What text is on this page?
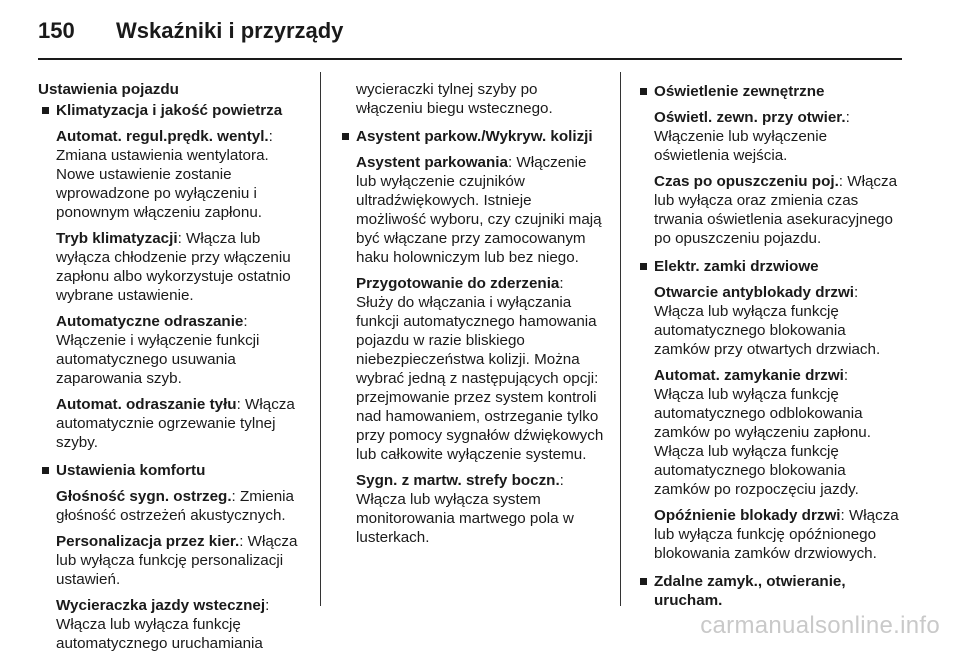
150	Wskaźniki i przyrządy
Ustawienia pojazdu
Klimatyzacja i jakość powietrza
Automat. regul.prędk. wentyl.: Zmiana ustawienia wentylatora. Nowe ustawienie zostanie wprowadzone po wyłączeniu i ponownym włączeniu zapłonu.
Tryb klimatyzacji: Włącza lub wyłącza chłodzenie przy włączeniu zapłonu albo wykorzystuje ostatnio wybrane ustawienie.
Automatyczne odraszanie: Włączenie i wyłączenie funkcji automatycznego usuwania zaparowania szyb.
Automat. odraszanie tyłu: Włącza automatycznie ogrzewanie tylnej szyby.
Ustawienia komfortu
Głośność sygn. ostrzeg.: Zmienia głośność ostrzeżeń akustycznych.
Personalizacja przez kier.: Włącza lub wyłącza funkcję personalizacji ustawień.
Wycieraczka jazdy wstecznej: Włącza lub wyłącza funkcję automatycznego uruchamiania
wycieraczki tylnej szyby po włączeniu biegu wstecznego.
Asystent parkow./Wykryw. kolizji
Asystent parkowania: Włączenie lub wyłączenie czujników ultradźwiękowych. Istnieje możliwość wyboru, czy czujniki mają być włączane przy zamocowanym haku holowniczym lub bez niego.
Przygotowanie do zderzenia: Służy do włączania i wyłączania funkcji automatycznego hamowania pojazdu w razie bliskiego niebezpieczeństwa kolizji. Można wybrać jedną z następujących opcji: przejmowanie przez system kontroli nad hamowaniem, ostrzeganie tylko przy pomocy sygnałów dźwiękowych lub całkowite wyłączenie systemu.
Sygn. z martw. strefy boczn.: Włącza lub wyłącza system monitorowania martwego pola w lusterkach.
Oświetlenie zewnętrzne
Oświetl. zewn. przy otwier.: Włączenie lub wyłączenie oświetlenia wejścia.
Czas po opuszczeniu poj.: Włącza lub wyłącza oraz zmienia czas trwania oświetlenia asekuracyjnego po opuszczeniu pojazdu.
Elektr. zamki drzwiowe
Otwarcie antyblokady drzwi: Włącza lub wyłącza funkcję automatycznego blokowania zamków przy otwartych drzwiach.
Automat. zamykanie drzwi: Włącza lub wyłącza funkcję automatycznego odblokowania zamków po wyłączeniu zapłonu. Włącza lub wyłącza funkcję automatycznego blokowania zamków po rozpoczęciu jazdy.
Opóźnienie blokady drzwi: Włącza lub wyłącza funkcję opóźnionego blokowania zamków drzwiowych.
Zdalne zamyk., otwieranie, urucham.
carmanualsonline.info
